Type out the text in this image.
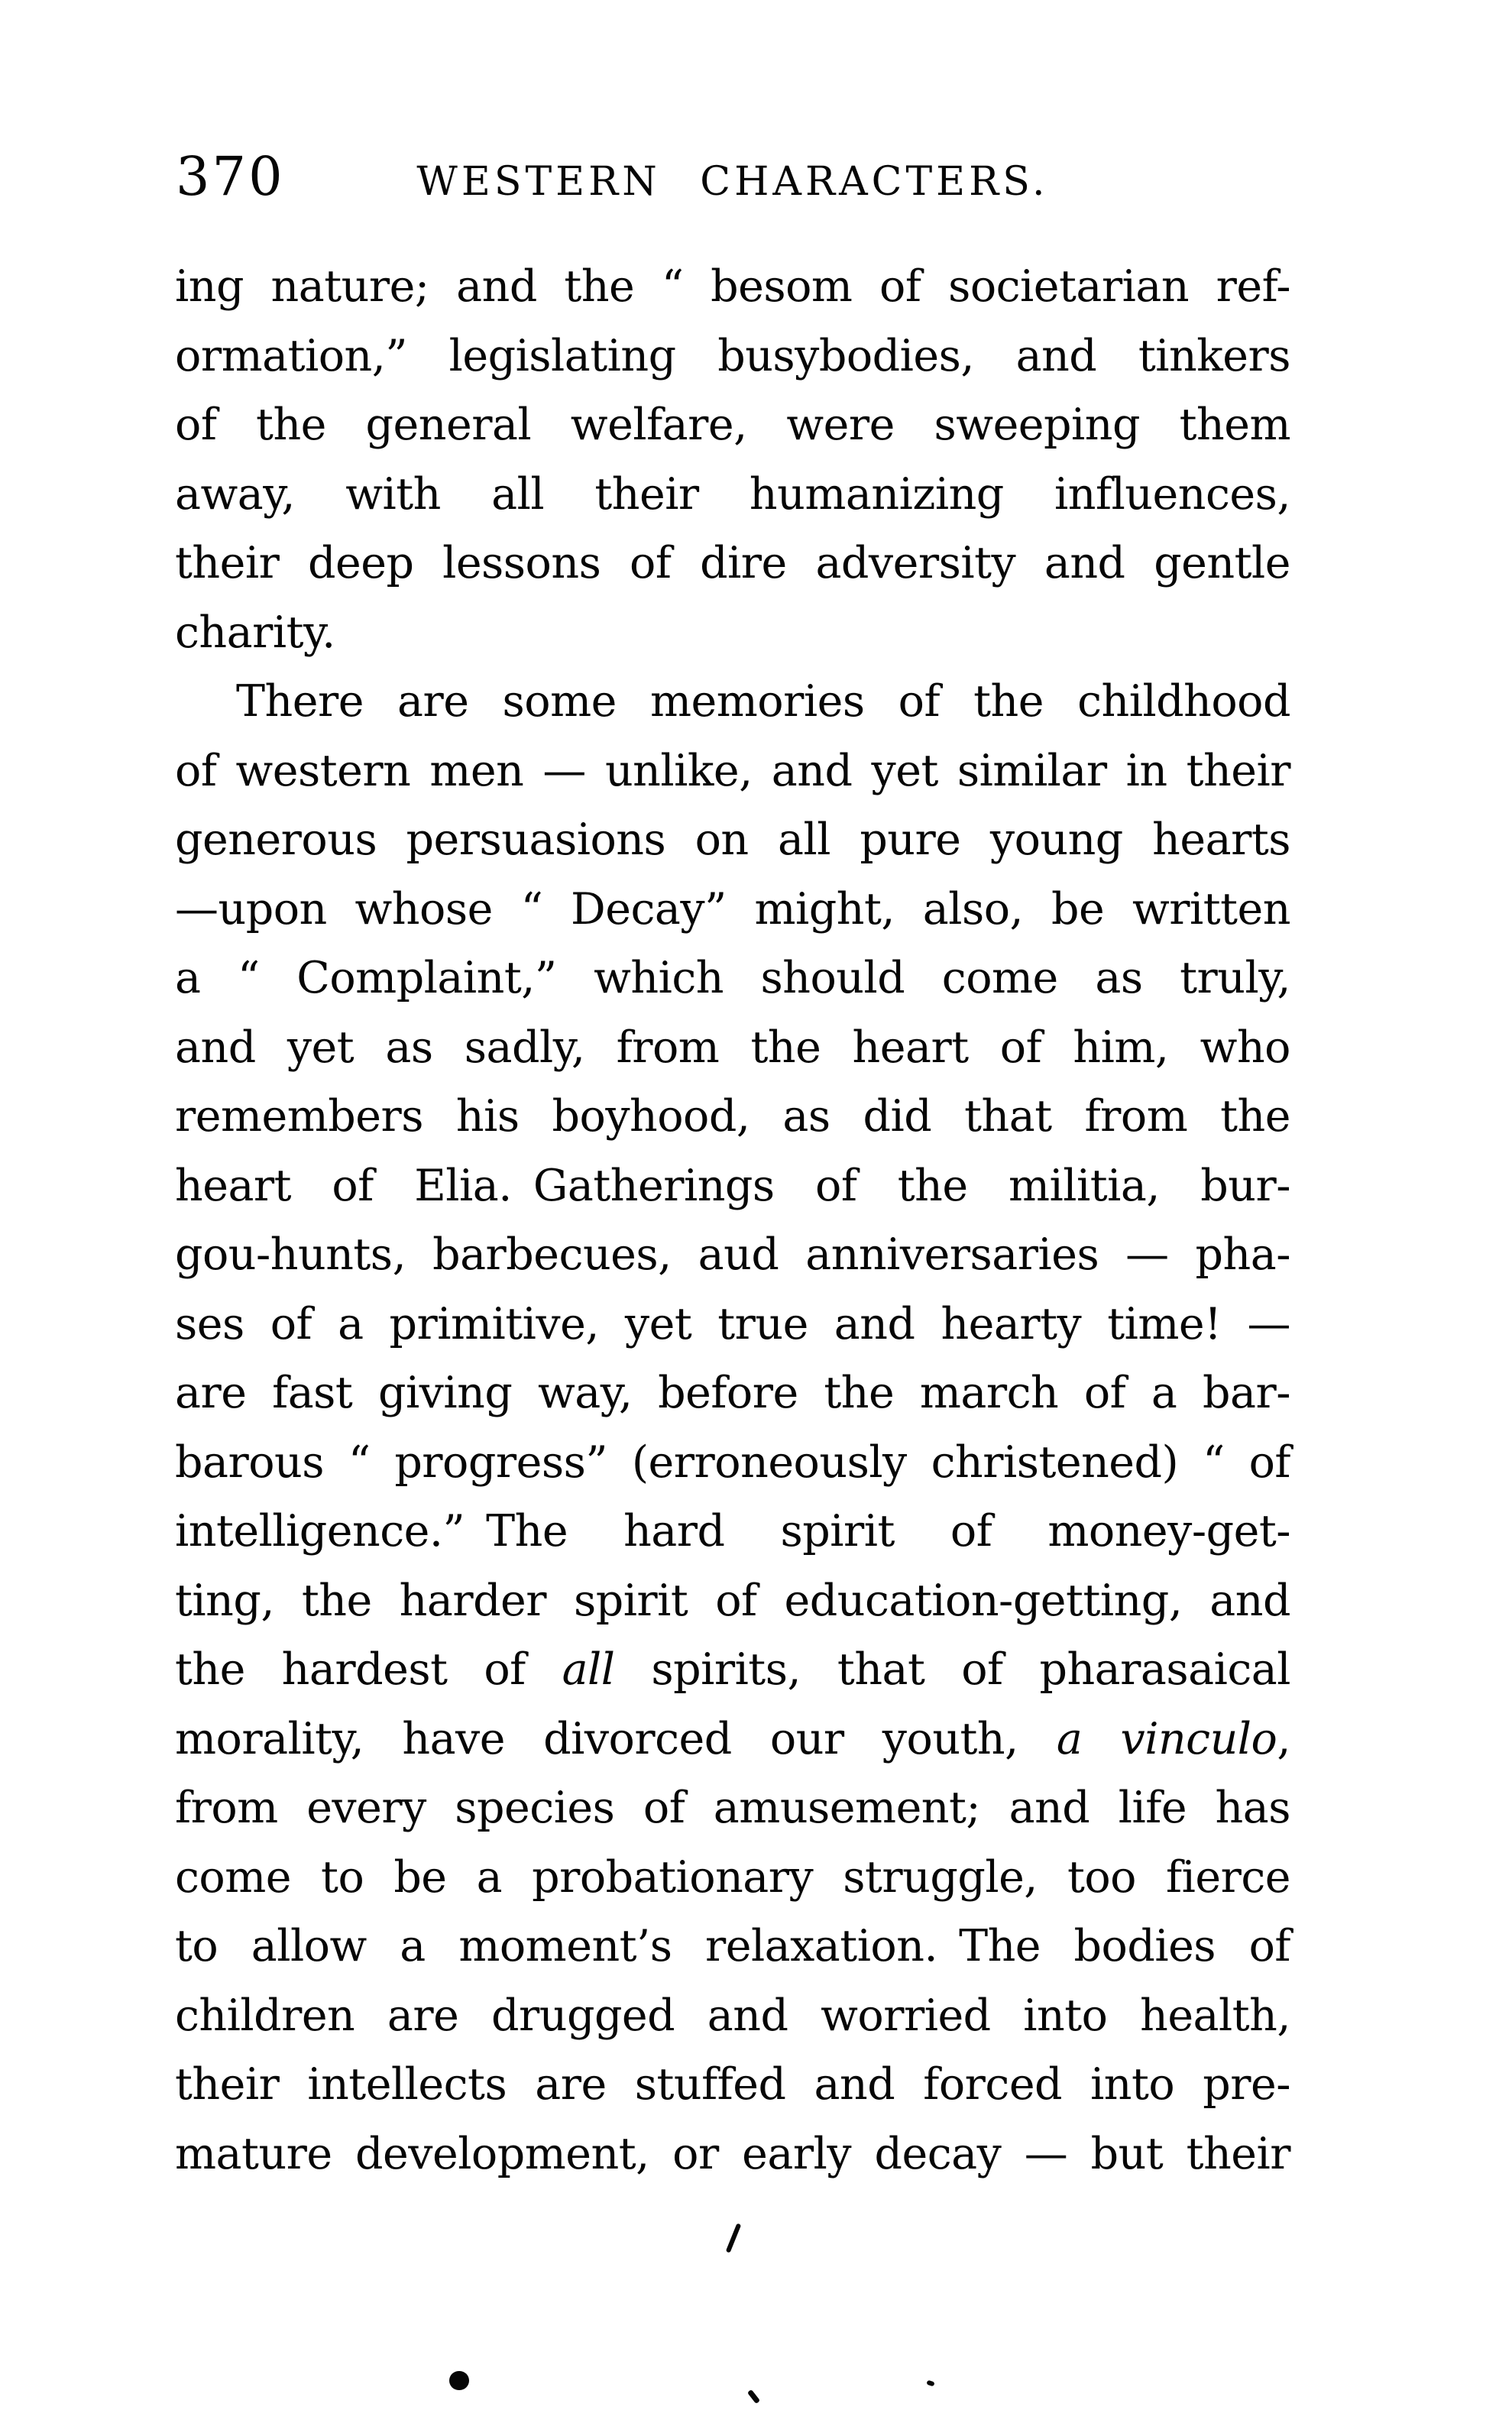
370	WESTERN CHARACTERS.
ing nature; and the “ besom of societarian ref-
ormation,” legislating busybodies, and tinkers
of the general welfare, were sweeping them
away, with all their humanizing influences,
their deep lessons of dire adversity and gentle
charity.
There are some memories of the childhood
of western men — unlike, and yet similar in their
generous persuasions on all pure young hearts
—upon whose “ Decay” might, also, be written
a “ Complaint,” which should come as truly,
and yet as sadly, from the heart of him, who
remembers his boyhood, as did that from the
heart of Elia. Gatherings of the militia, bur-
gou-hunts, barbecues, aud anniversaries — pha-
ses of a primitive, yet true and hearty time! —
are fast giving way, before the march of a bar-
barous “ progress” (erroneously christened) “ of
intelligence.” The hard spirit of money-get-
ting, the harder spirit of education-getting, and
the hardest of all spirits, that of pharasaical
morality, have divorced our youth, a vinculo,
from every species of amusement; and life has
come to be a probationary struggle, too fierce
to allow a moment’s relaxation. The bodies of
children are drugged and worried into health,
their intellects are stuffed and forced into pre-
mature development, or early decay — but their
